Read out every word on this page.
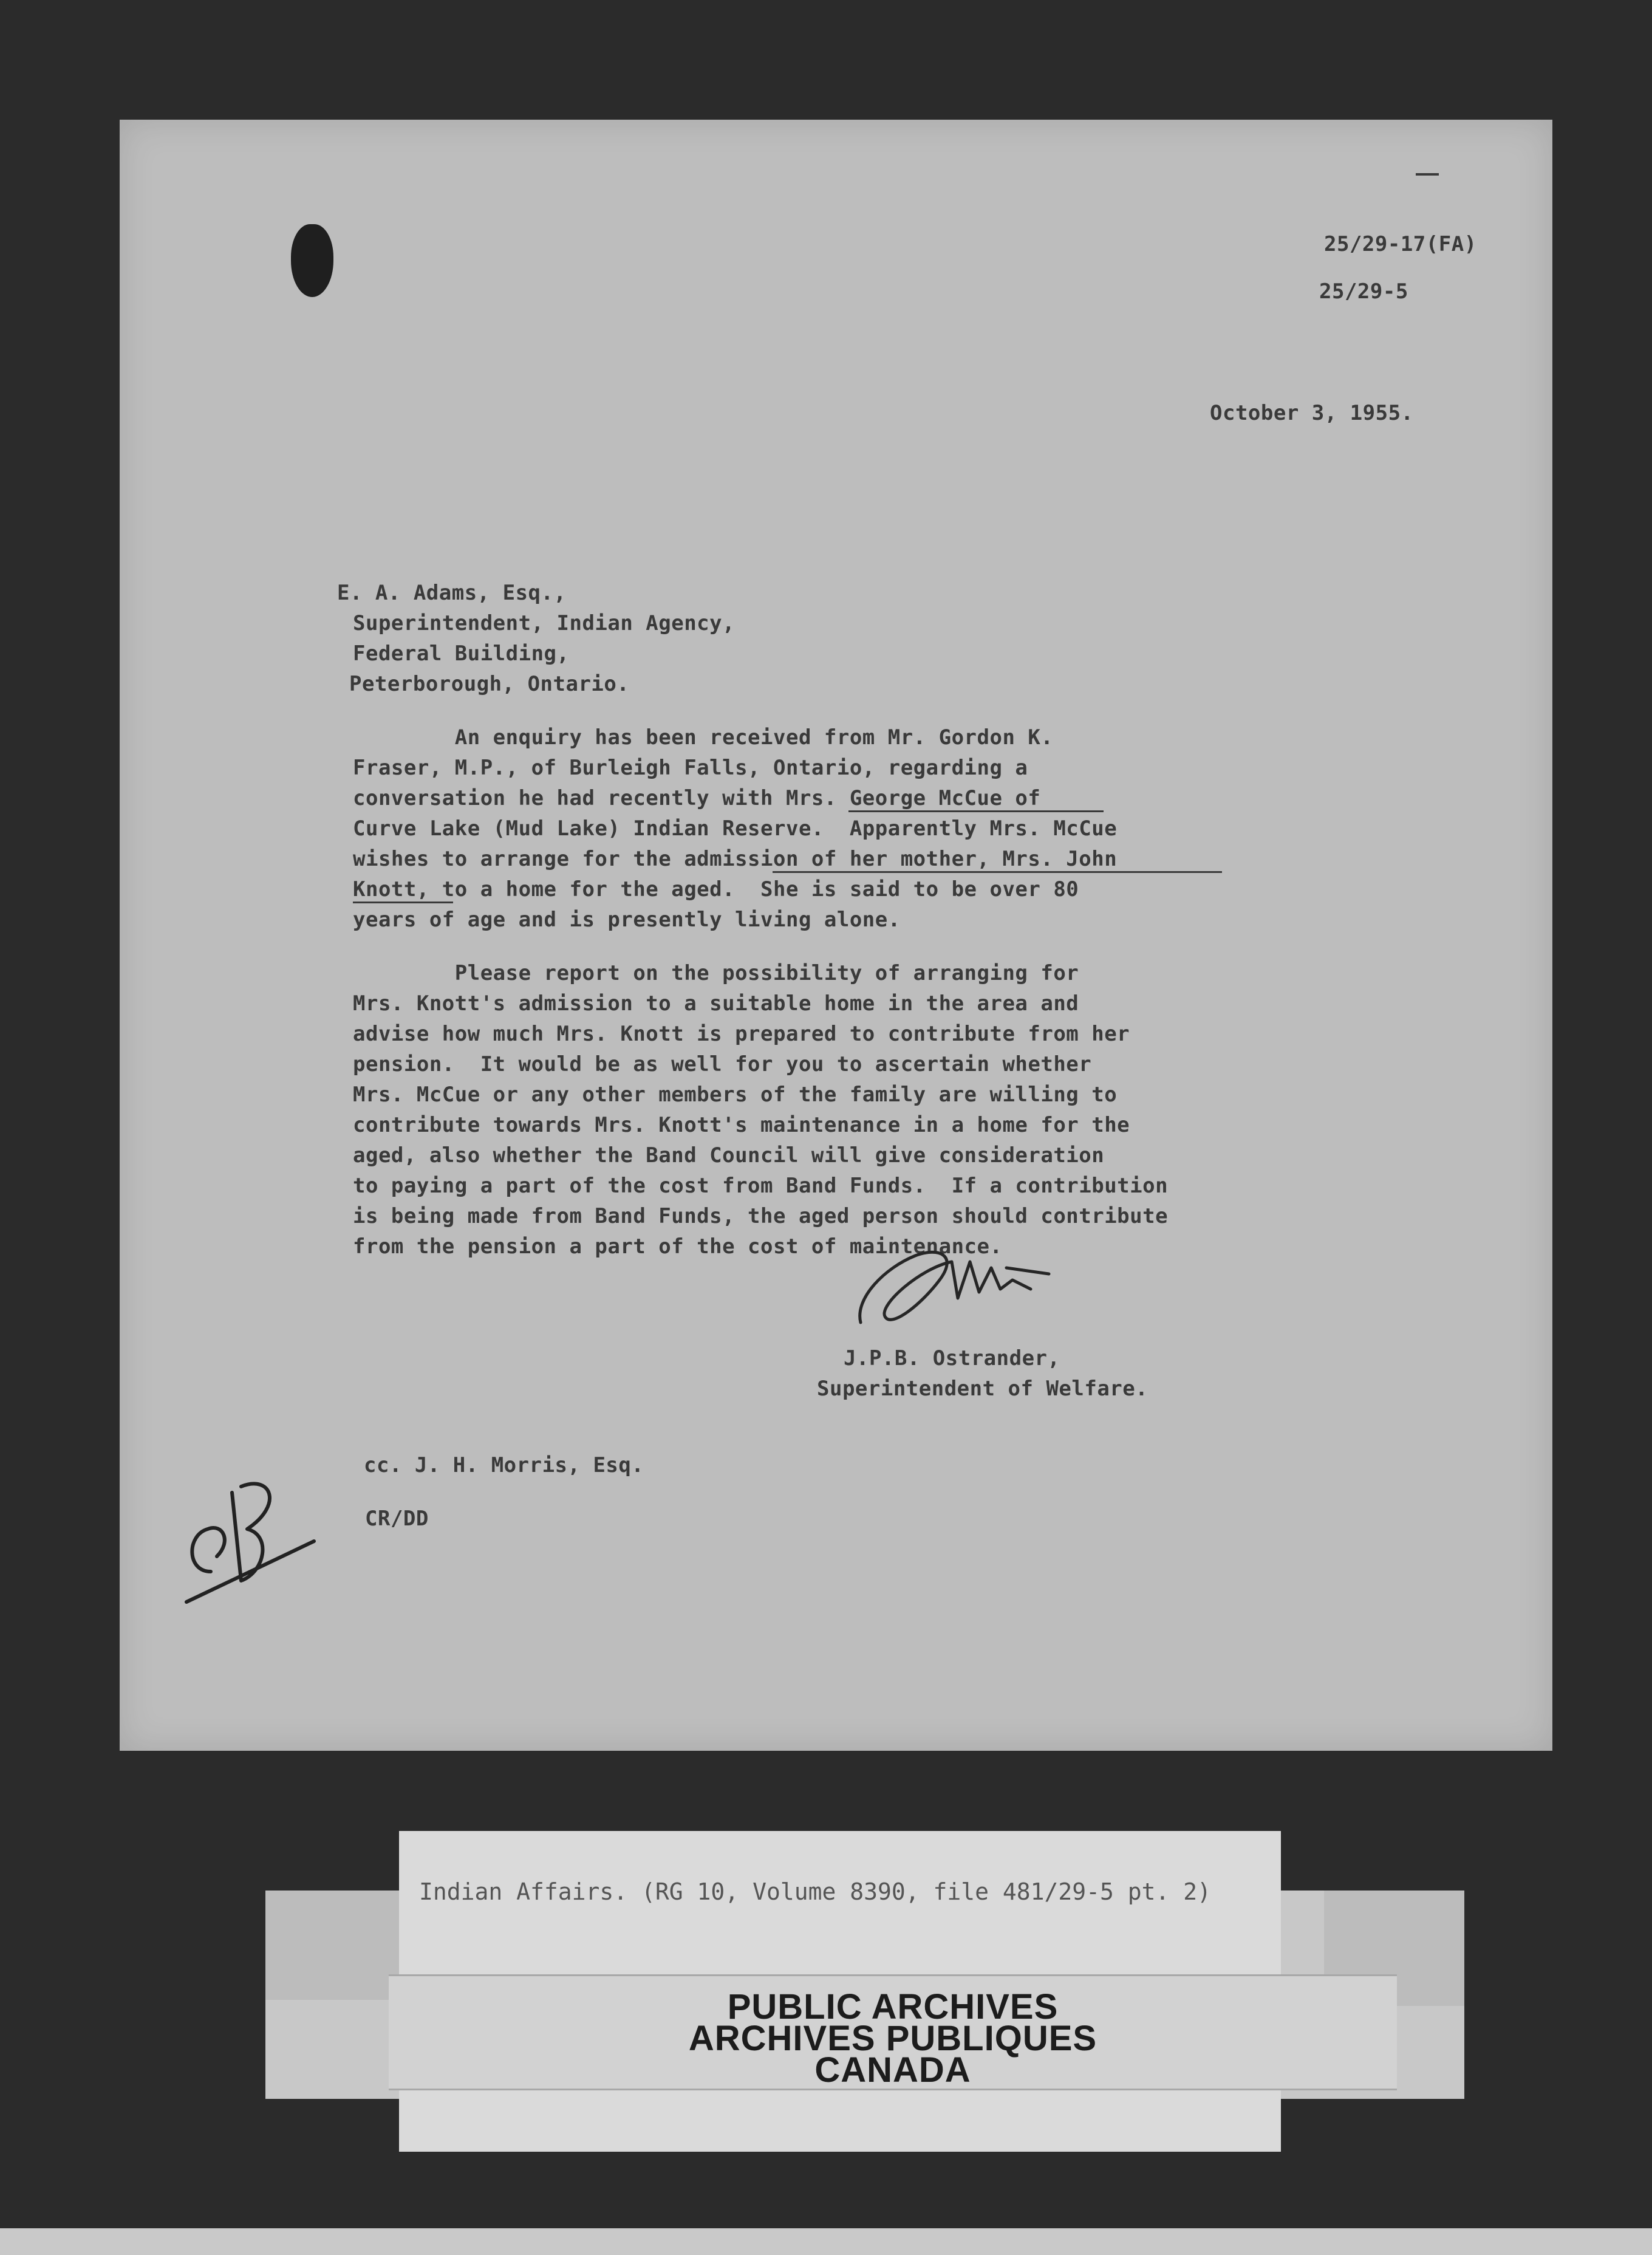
25/29-17(FA)
25/29-5
October 3, 1955.
E. A. Adams, Esq.,
Superintendent, Indian Agency,
Federal Building,
Peterborough, Ontario.
An enquiry has been received from Mr. Gordon K.
Fraser, M.P., of Burleigh Falls, Ontario, regarding a
conversation he had recently with Mrs. George McCue of
Curve Lake (Mud Lake) Indian Reserve.  Apparently Mrs. McCue
wishes to arrange for the admission of her mother, Mrs. John
Knott, to a home for the aged.  She is said to be over 80
years of age and is presently living alone.
Please report on the possibility of arranging for
Mrs. Knott's admission to a suitable home in the area and
advise how much Mrs. Knott is prepared to contribute from her
pension.  It would be as well for you to ascertain whether
Mrs. McCue or any other members of the family are willing to
contribute towards Mrs. Knott's maintenance in a home for the
aged, also whether the Band Council will give consideration
to paying a part of the cost from Band Funds.  If a contribution
is being made from Band Funds, the aged person should contribute
from the pension a part of the cost of maintenance.
J.P.B. Ostrander,
Superintendent of Welfare.
cc. J. H. Morris, Esq.
CR/DD
Indian Affairs. (RG 10, Volume 8390, file 481/29-5 pt. 2)
PUBLIC ARCHIVES
ARCHIVES PUBLIQUES
CANADA
